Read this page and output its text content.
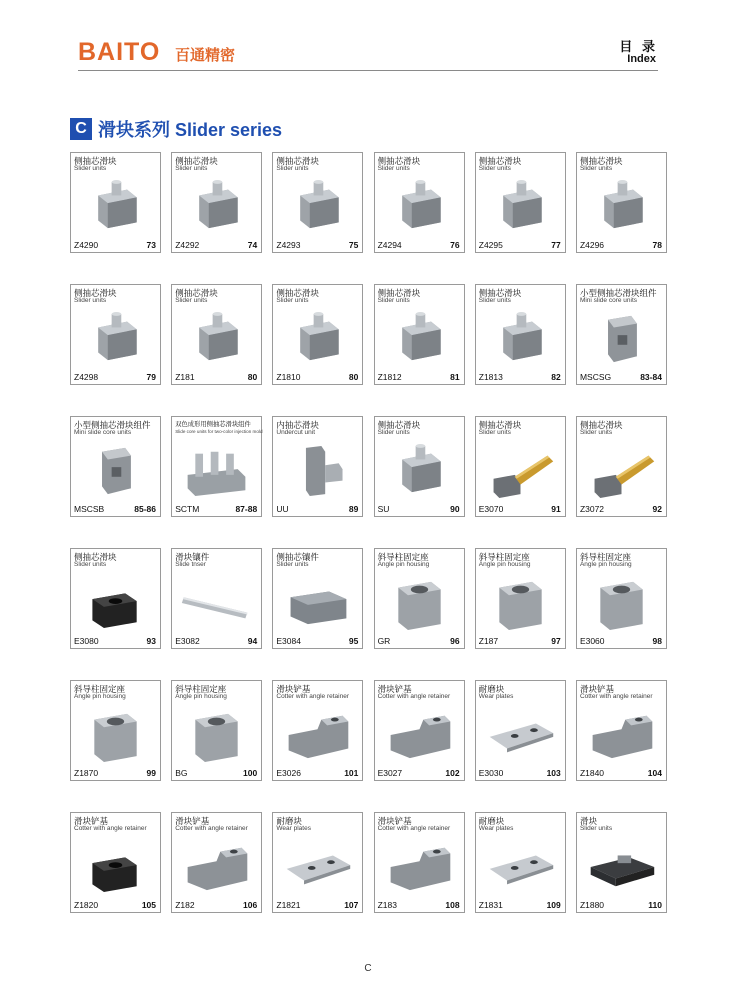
BAITO 百通精密
目 录
Index
C 滑块系列 Slider series
侧抽芯滑块
Slider units
Z4290	73
侧抽芯滑块
Slider units
Z4292	74
侧抽芯滑块
Slider units
Z4293	75
侧抽芯滑块
Slider units
Z4294	76
侧抽芯滑块
Slider units
Z4295	77
侧抽芯滑块
Slider units
Z4296	78
侧抽芯滑块
Slider units
Z4298	79
侧抽芯滑块
Slider units
Z181	80
侧抽芯滑块
Slider units
Z1810	80
侧抽芯滑块
Slider units
Z1812	81
侧抽芯滑块
Slider units
Z1813	82
小型侧抽芯滑块组件
Mini slide core units
MSCSG	83-84
小型侧抽芯滑块组件
Mini slide core units
MSCSB	85-86
双色成形用侧抽芯滑块组件
Slide core units for two-color injection mold
SCTM	87-88
内抽芯滑块
Undercut unit
UU	89
侧抽芯滑块
Slider units
SU	90
侧抽芯滑块
Slider units
E3070	91
侧抽芯滑块
Slider units
Z3072	92
侧抽芯滑块
Slider units
E3080	93
滑块镶件
Slide tnser
E3082	94
侧抽芯镶件
Slider units
E3084	95
斜导柱固定座
Angle pin housing
GR	96
斜导柱固定座
Angle pin housing
Z187	97
斜导柱固定座
Angle pin housing
E3060	98
斜导柱固定座
Angle pin housing
Z1870	99
斜导柱固定座
Angle pin housing
BG	100
滑块铲基
Cotter with angle retainer
E3026	101
滑块铲基
Cotter with angle retainer
E3027	102
耐磨块
Wear plates
E3030	103
滑块铲基
Cotter with angle retainer
Z1840	104
滑块铲基
Cotter with angle retainer
Z1820	105
滑块铲基
Cotter with angle retainer
Z182	106
耐磨块
Wear plates
Z1821	107
滑块铲基
Cotter with angle retainer
Z183	108
耐磨块
Wear plates
Z1831	109
滑块
Slider units
Z1880	110
C
